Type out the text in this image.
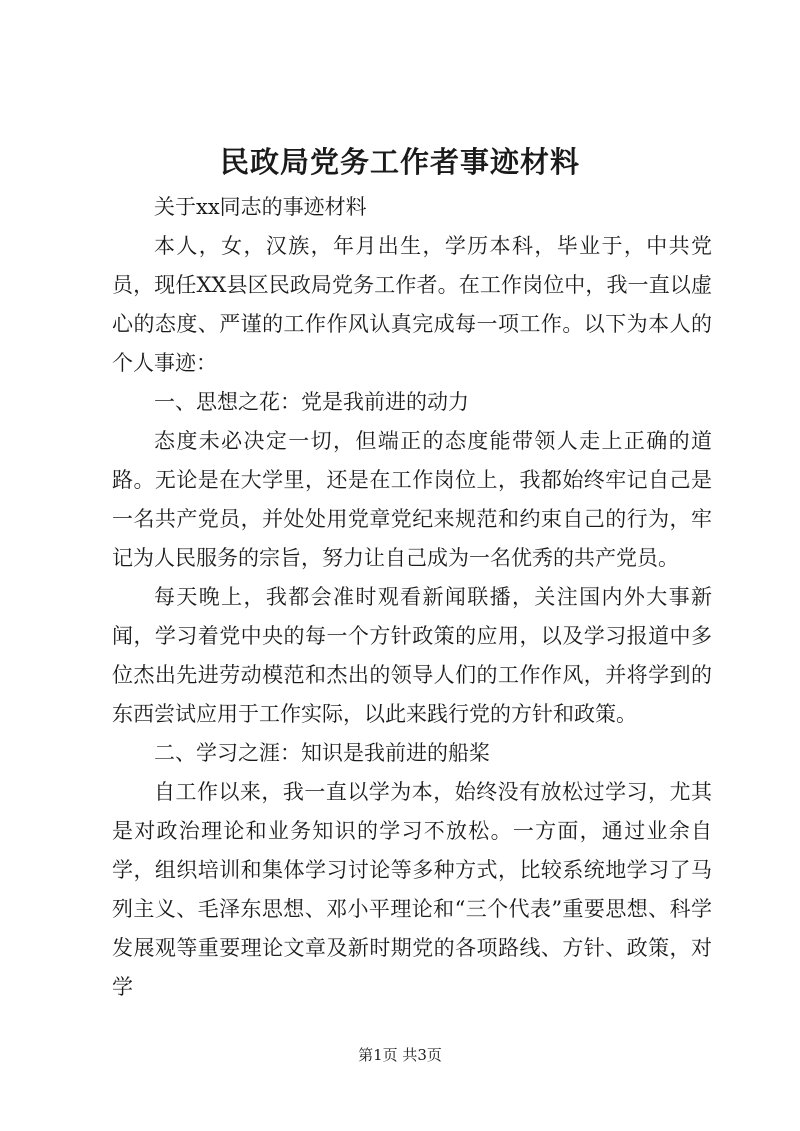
民政局党务工作者事迹材料

关于xx同志的事迹材料

本人，女，汉族，年月出生，学历本科，毕业于，中共党员，现任XX县区民政局党务工作者。在工作岗位中，我一直以虚心的态度、严谨的工作作风认真完成每一项工作。以下为本人的个人事迹：

一、思想之花：党是我前进的动力

态度未必决定一切，但端正的态度能带领人走上正确的道路。无论是在大学里，还是在工作岗位上，我都始终牢记自己是一名共产党员，并处处用党章党纪来规范和约束自己的行为，牢记为人民服务的宗旨，努力让自己成为一名优秀的共产党员。

每天晚上，我都会准时观看新闻联播，关注国内外大事新闻，学习着党中央的每一个方针政策的应用，以及学习报道中多位杰出先进劳动模范和杰出的领导人们的工作作风，并将学到的东西尝试应用于工作实际，以此来践行党的方针和政策。

二、学习之涯：知识是我前进的船桨

自工作以来，我一直以学为本，始终没有放松过学习，尤其是对政治理论和业务知识的学习不放松。一方面，通过业余自学，组织培训和集体学习讨论等多种方式，比较系统地学习了马列主义、毛泽东思想、邓小平理论和“三个代表”重要思想、科学发展观等重要理论文章及新时期党的各项路线、方针、政策，对学

第1页 共3页
